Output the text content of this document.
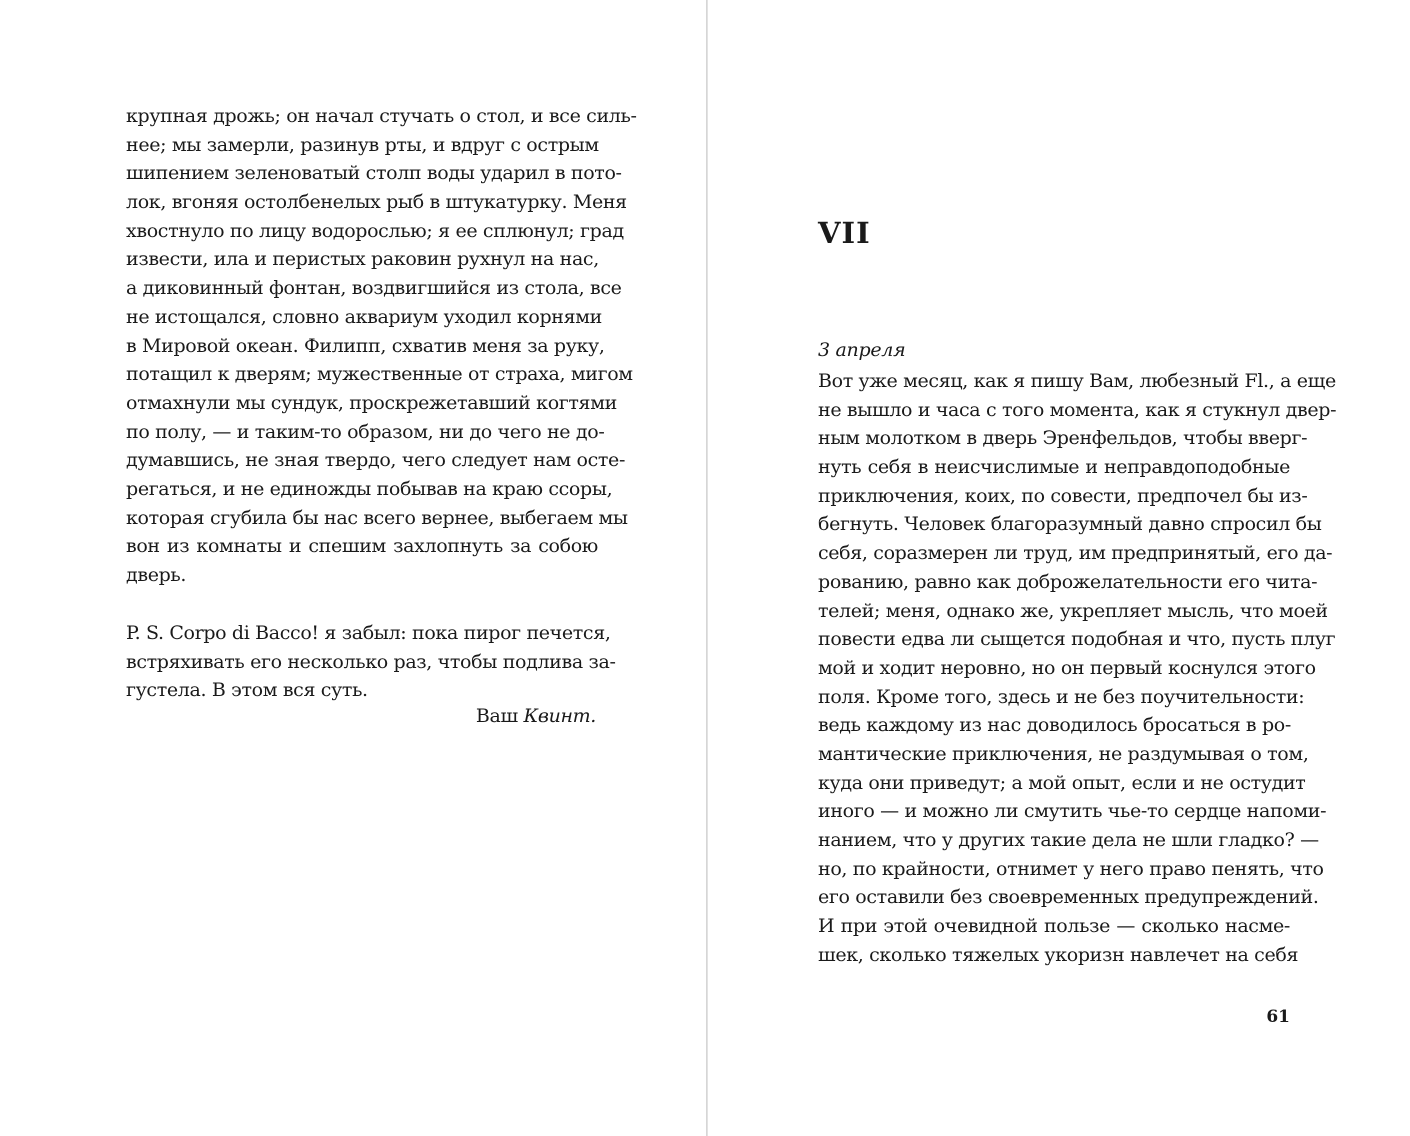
крупная дрожь; он начал стучать о стол, и все силь-
нее; мы замерли, разинув рты, и вдруг с острым
шипением зеленоватый столп воды ударил в пото-
лок, вгоняя остолбенелых рыб в штукатурку. Меня
хвостнуло по лицу водорослью; я ее сплюнул; град
извести, ила и перистых раковин рухнул на нас,
а диковинный фонтан, воздвигшийся из стола, все
не истощался, словно аквариум уходил корнями
в Мировой океан. Филипп, схватив меня за руку,
потащил к дверям; мужественные от страха, мигом
отмахнули мы сундук, проскрежетавший когтями
по полу, — и таким-то образом, ни до чего не до-
думавшись, не зная твердо, чего следует нам осте-
регаться, и не единожды побывав на краю ссоры,
которая сгубила бы нас всего вернее, выбегаем мы
вон из комнаты и спешим захлопнуть за собою
дверь.
P. S. Corpo di Bacco! я забыл: пока пирог печется,
встряхивать его несколько раз, чтобы подлива за-
густела. В этом вся суть.
Ваш Квинт.
VII
3 апреля
Вот уже месяц, как я пишу Вам, любезный Fl., а еще
не вышло и часа с того момента, как я стукнул двер-
ным молотком в дверь Эренфельдов, чтобы вверг-
нуть себя в неисчислимые и неправдоподобные
приключения, коих, по совести, предпочел бы из-
бегнуть. Человек благоразумный давно спросил бы
себя, соразмерен ли труд, им предпринятый, его да-
рованию, равно как доброжелательности его чита-
телей; меня, однако же, укрепляет мысль, что моей
повести едва ли сыщется подобная и что, пусть плуг
мой и ходит неровно, но он первый коснулся этого
поля. Кроме того, здесь и не без поучительности:
ведь каждому из нас доводилось бросаться в ро-
мантические приключения, не раздумывая о том,
куда они приведут; а мой опыт, если и не остудит
иного — и можно ли смутить чье-то сердце напоми-
нанием, что у других такие дела не шли гладко? —
но, по крайности, отнимет у него право пенять, что
его оставили без своевременных предупреждений.
И при этой очевидной пользе — сколько насме-
шек, сколько тяжелых укоризн навлечет на себя
61
